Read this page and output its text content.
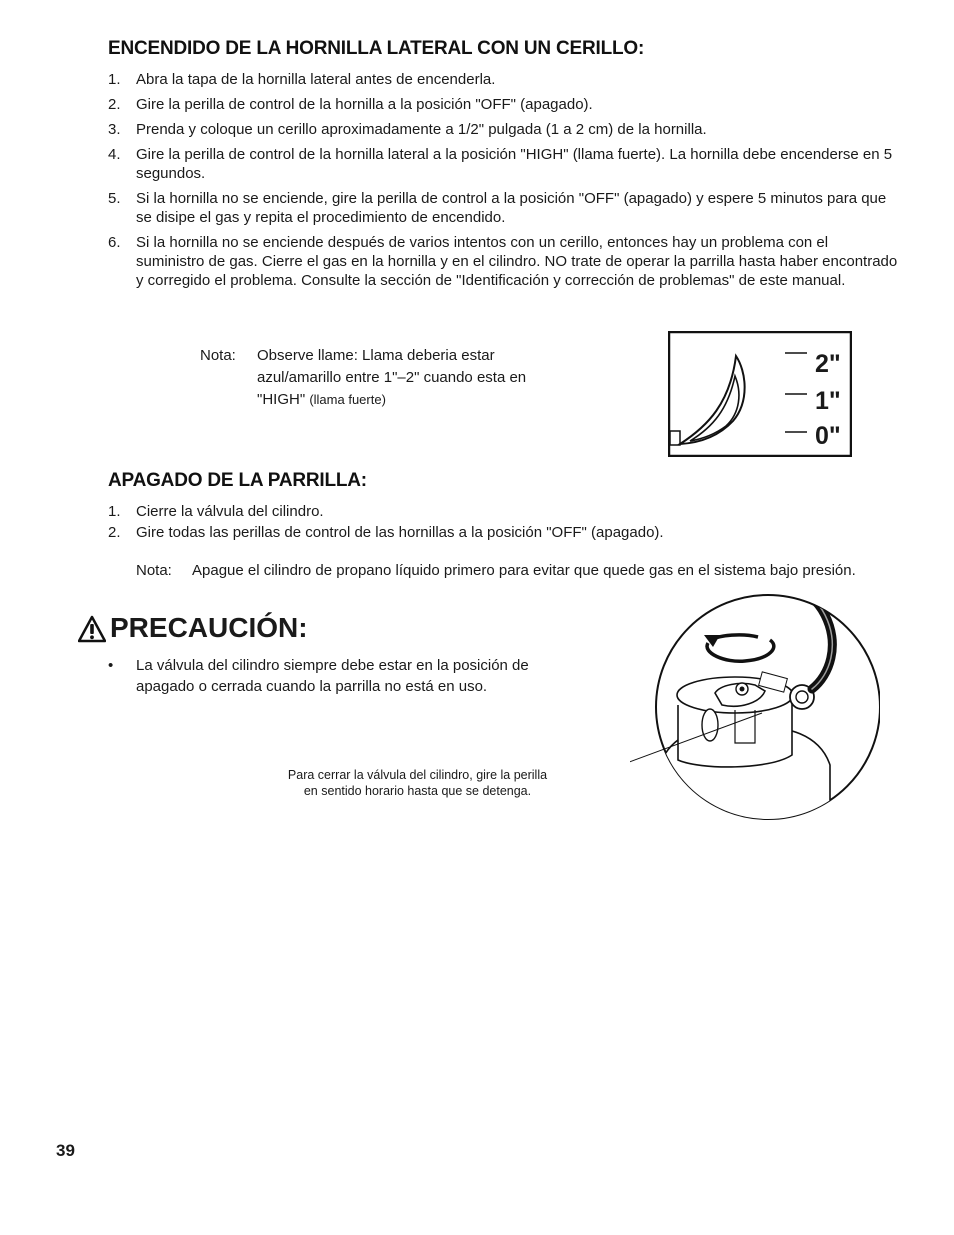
ENCENDIDO DE LA HORNILLA LATERAL CON UN CERILLO:
1. Abra la tapa de la hornilla lateral antes de encenderla.
2. Gire la perilla de control de la hornilla a la posición "OFF" (apagado).
3. Prenda y coloque un cerillo aproximadamente a 1/2" pulgada (1 a 2 cm) de la hornilla.
4. Gire la perilla de control de la hornilla lateral a la posición "HIGH" (llama fuerte). La hornilla debe encenderse en 5 segundos.
5. Si la hornilla no se enciende, gire la perilla de control a la posición "OFF" (apagado) y espere 5 minutos para que se disipe el gas y repita el procedimiento de encendido.
6. Si la hornilla no se enciende después de varios intentos con un cerillo, entonces hay un problema con el suministro de gas. Cierre el gas en la hornilla y en el cilindro. NO trate de operar la parrilla hasta haber encontrado y corregido el problema. Consulte la sección de "Identificación y corrección de problemas" de este manual.
Nota: Observe llame: Llama deberia estar
azul/amarillo entre 1"–2" cuando esta en
"HIGH" (llama fuerte)
2"
1"
0"
APAGADO DE LA PARRILLA:
1. Cierre la válvula del cilindro.
2. Gire todas las perillas de control de las hornillas a la posición "OFF" (apagado).
Nota: Apague el cilindro de propano líquido primero para evitar que quede gas en el sistema bajo presión.
PRECAUCIÓN:
• La válvula del cilindro siempre debe estar en la posición de apagado o cerrada cuando la parrilla no está en uso.
Para cerrar la válvula del cilindro, gire la perilla
en sentido horario hasta que se detenga.
39
